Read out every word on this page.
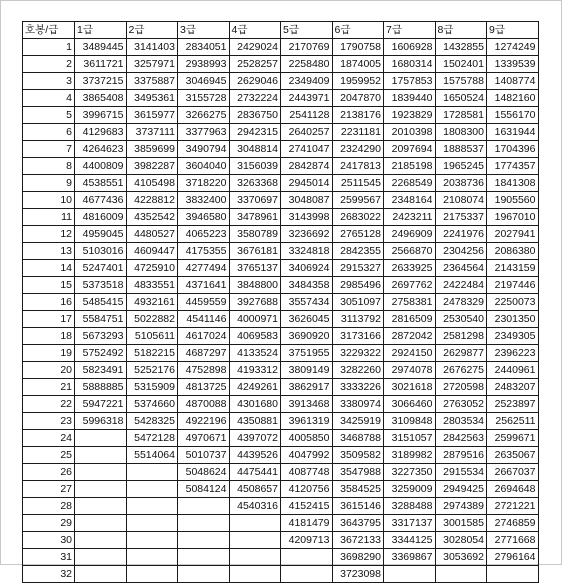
호봉/급	1급	2급	3급	4급	5급	6급	7급	8급	9급
1	3489445	3141403	2834051	2429024	2170769	1790758	1606928	1432855	1274249
2	3611721	3257971	2938993	2528257	2258480	1874005	1680314	1502401	1339539
3	3737215	3375887	3046945	2629046	2349409	1959952	1757853	1575788	1408774
4	3865408	3495361	3155728	2732224	2443971	2047870	1839440	1650524	1482160
5	3996715	3615977	3266275	2836750	2541128	2138176	1923829	1728581	1556170
6	4129683	3737111	3377963	2942315	2640257	2231181	2010398	1808300	1631944
7	4264623	3859699	3490794	3048814	2741047	2324290	2097694	1888537	1704396
8	4400809	3982287	3604040	3156039	2842874	2417813	2185198	1965245	1774357
9	4538551	4105498	3718220	3263368	2945014	2511545	2268549	2038736	1841308
10	4677436	4228812	3832400	3370697	3048087	2599567	2348164	2108074	1905560
11	4816009	4352542	3946580	3478961	3143998	2683022	2423211	2175337	1967010
12	4959045	4480527	4065223	3580789	3236692	2765128	2496909	2241976	2027941
13	5103016	4609447	4175355	3676181	3324818	2842355	2566870	2304256	2086380
14	5247401	4725910	4277494	3765137	3406924	2915327	2633925	2364564	2143159
15	5373518	4833551	4371641	3848800	3484358	2985496	2697762	2422484	2197446
16	5485415	4932161	4459559	3927688	3557434	3051097	2758381	2478329	2250073
17	5584751	5022882	4541146	4000971	3626045	3113792	2816509	2530540	2301350
18	5673293	5105611	4617024	4069583	3690920	3173166	2872042	2581298	2349305
19	5752492	5182215	4687297	4133524	3751955	3229322	2924150	2629877	2396223
20	5823491	5252176	4752898	4193312	3809149	3282260	2974078	2676275	2440961
21	5888885	5315909	4813725	4249261	3862917	3333226	3021618	2720598	2483207
22	5947221	5374660	4870088	4301680	3913468	3380974	3066460	2763052	2523897
23	5996318	5428325	4922196	4350881	3961319	3425919	3109848	2803534	2562511
24		5472128	4970671	4397072	4005850	3468788	3151057	2842563	2599671
25		5514064	5010737	4439526	4047992	3509582	3189982	2879516	2635067
26			5048624	4475441	4087748	3547988	3227350	2915534	2667037
27			5084124	4508657	4120756	3584525	3259009	2949425	2694648
28				4540316	4152415	3615146	3288488	2974389	2721221
29					4181479	3643795	3317137	3001585	2746859
30					4209713	3672133	3344125	3028054	2771668
31						3698290	3369867	3053692	2796164
32						3723098			
